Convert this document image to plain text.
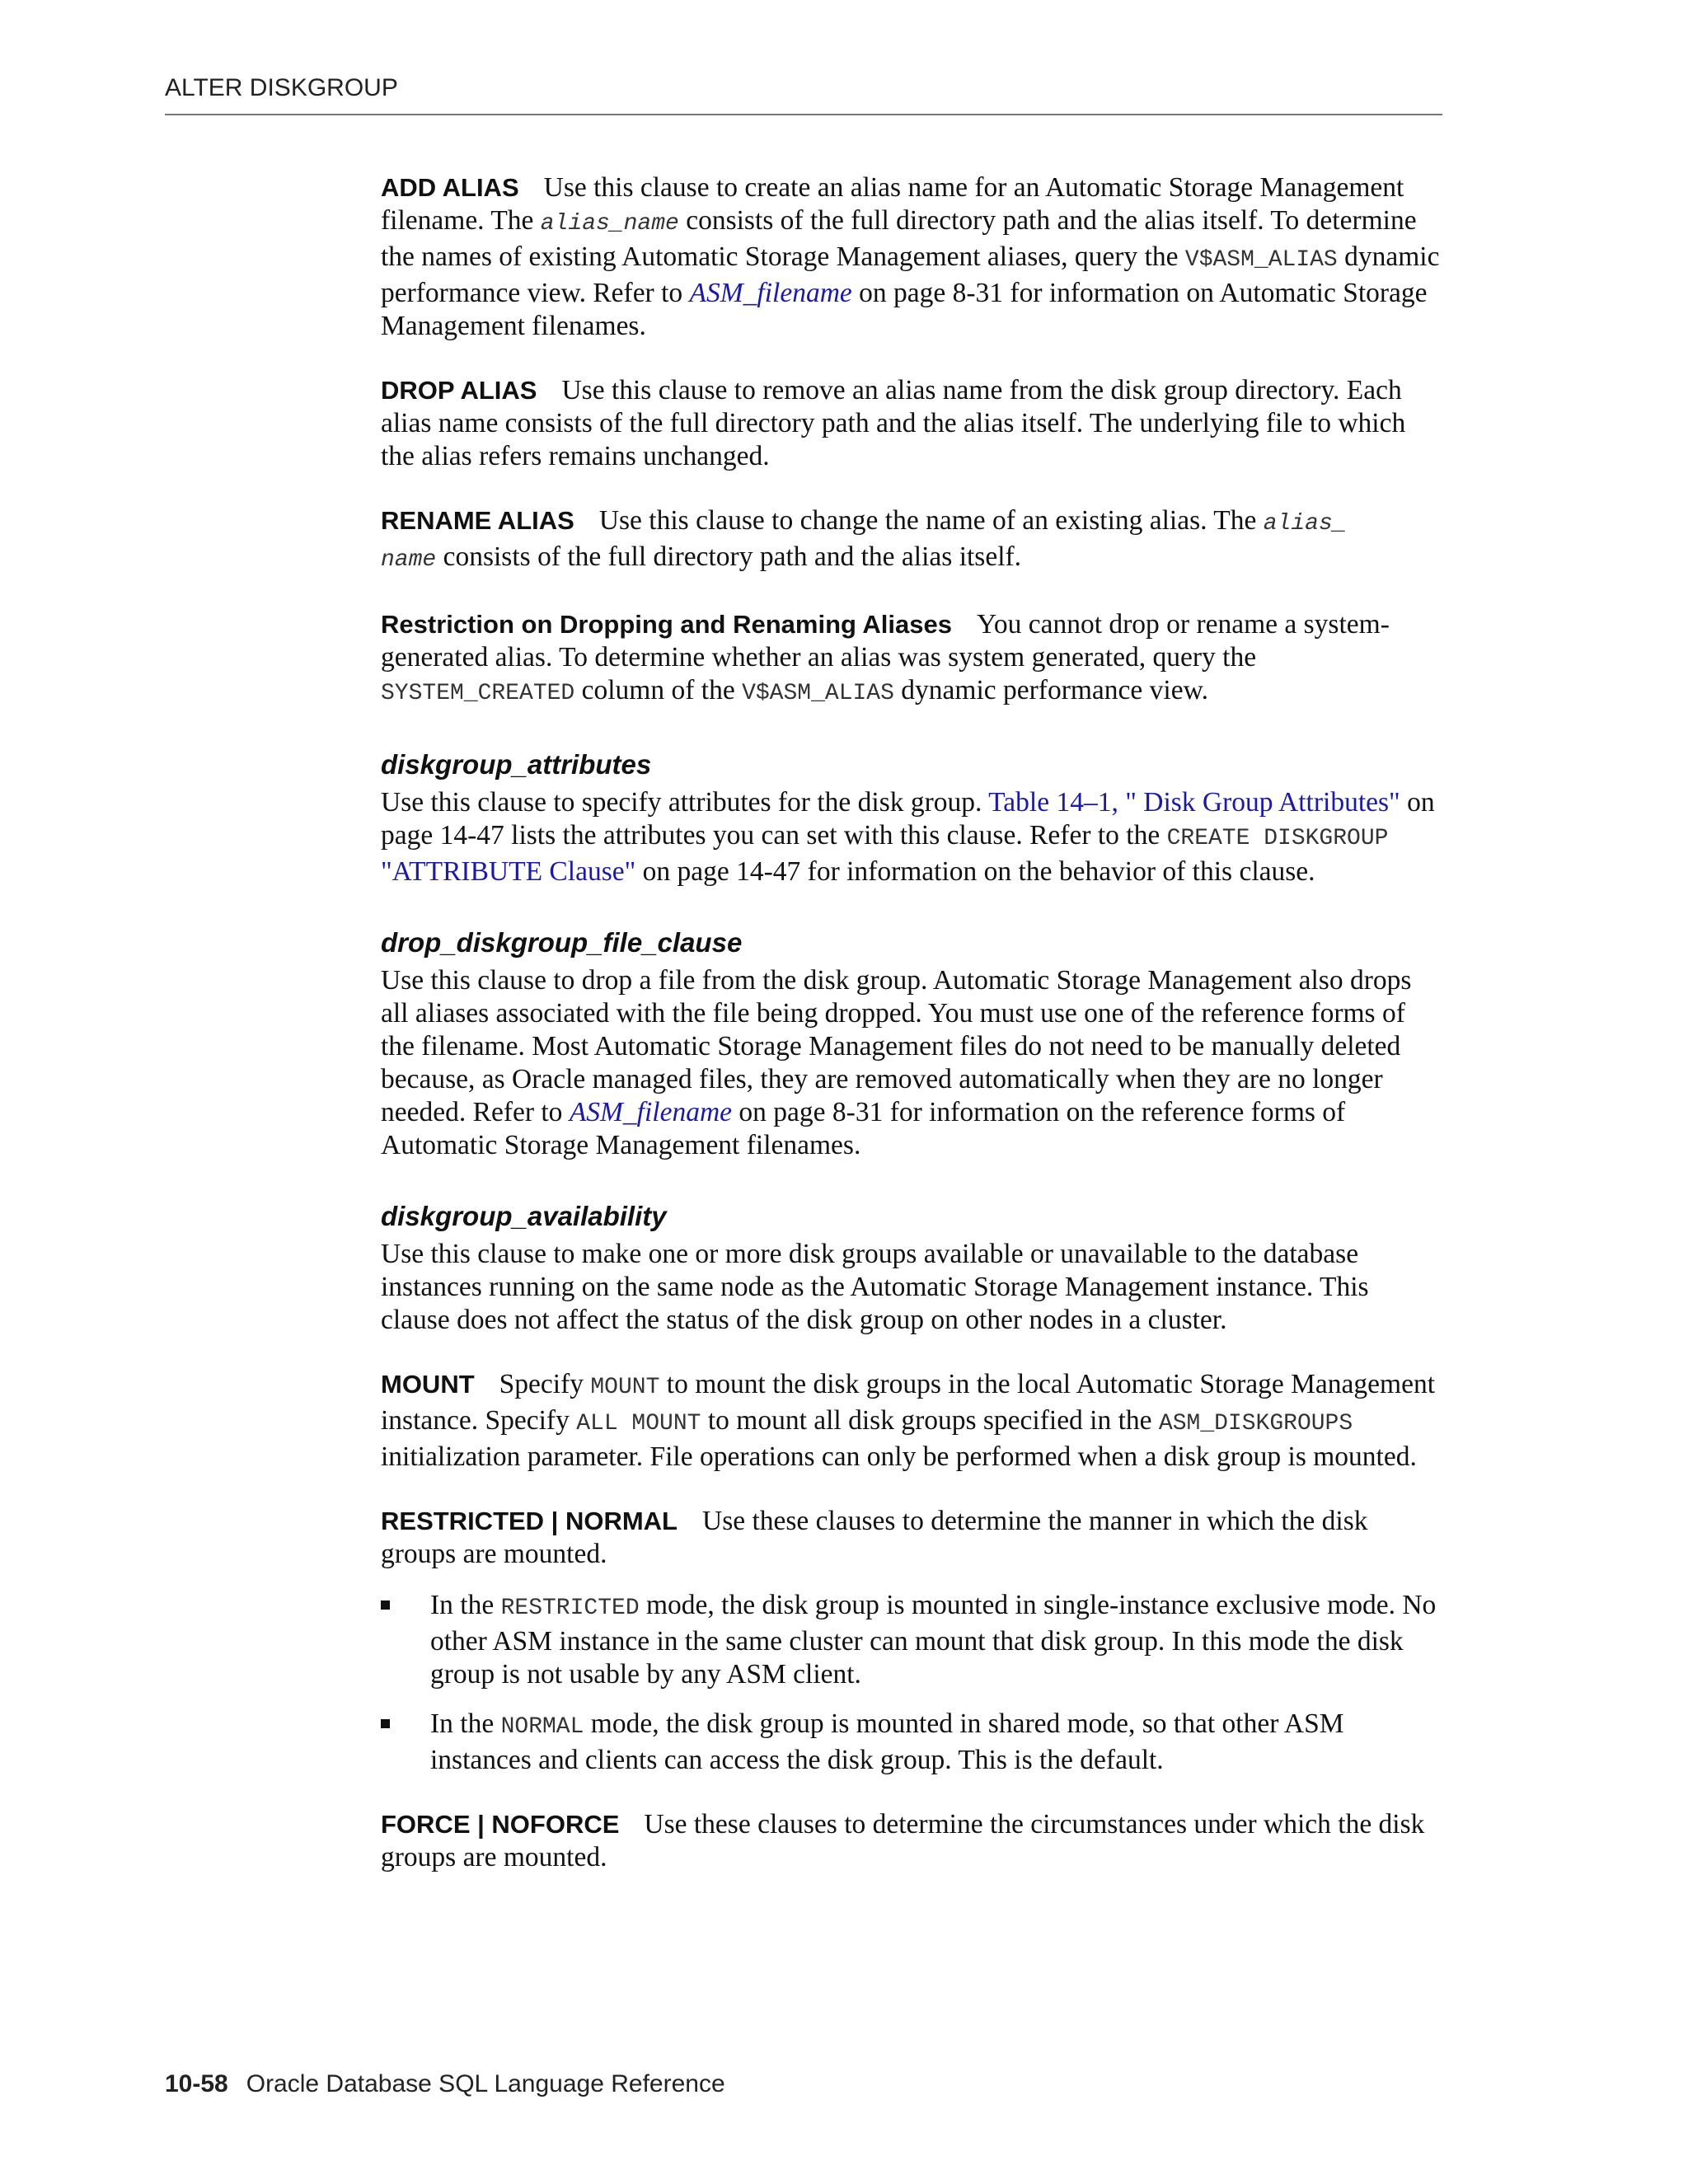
ALTER DISKGROUP

ADD ALIAS Use this clause to create an alias name for an Automatic Storage Management filename. The alias_name consists of the full directory path and the alias itself. To determine the names of existing Automatic Storage Management aliases, query the V$ASM_ALIAS dynamic performance view. Refer to ASM_filename on page 8-31 for information on Automatic Storage Management filenames.

DROP ALIAS Use this clause to remove an alias name from the disk group directory. Each alias name consists of the full directory path and the alias itself. The underlying file to which the alias refers remains unchanged.

RENAME ALIAS Use this clause to change the name of an existing alias. The alias_
name consists of the full directory path and the alias itself.

Restriction on Dropping and Renaming Aliases You cannot drop or rename a system-generated alias. To determine whether an alias was system generated, query the SYSTEM_CREATED column of the V$ASM_ALIAS dynamic performance view.

diskgroup_attributes

Use this clause to specify attributes for the disk group. Table 14–1, " Disk Group Attributes" on page 14-47 lists the attributes you can set with this clause. Refer to the CREATE DISKGROUP "ATTRIBUTE Clause" on page 14-47 for information on the behavior of this clause.

drop_diskgroup_file_clause

Use this clause to drop a file from the disk group. Automatic Storage Management also drops all aliases associated with the file being dropped. You must use one of the reference forms of the filename. Most Automatic Storage Management files do not need to be manually deleted because, as Oracle managed files, they are removed automatically when they are no longer needed. Refer to ASM_filename on page 8-31 for information on the reference forms of Automatic Storage Management filenames.

diskgroup_availability

Use this clause to make one or more disk groups available or unavailable to the database instances running on the same node as the Automatic Storage Management instance. This clause does not affect the status of the disk group on other nodes in a cluster.

MOUNT Specify MOUNT to mount the disk groups in the local Automatic Storage Management instance. Specify ALL MOUNT to mount all disk groups specified in the ASM_DISKGROUPS initialization parameter. File operations can only be performed when a disk group is mounted.

RESTRICTED | NORMAL Use these clauses to determine the manner in which the disk groups are mounted.

In the RESTRICTED mode, the disk group is mounted in single-instance exclusive mode. No other ASM instance in the same cluster can mount that disk group. In this mode the disk group is not usable by any ASM client.
In the NORMAL mode, the disk group is mounted in shared mode, so that other ASM instances and clients can access the disk group. This is the default.

FORCE | NOFORCE Use these clauses to determine the circumstances under which the disk groups are mounted.

10-58 Oracle Database SQL Language Reference
